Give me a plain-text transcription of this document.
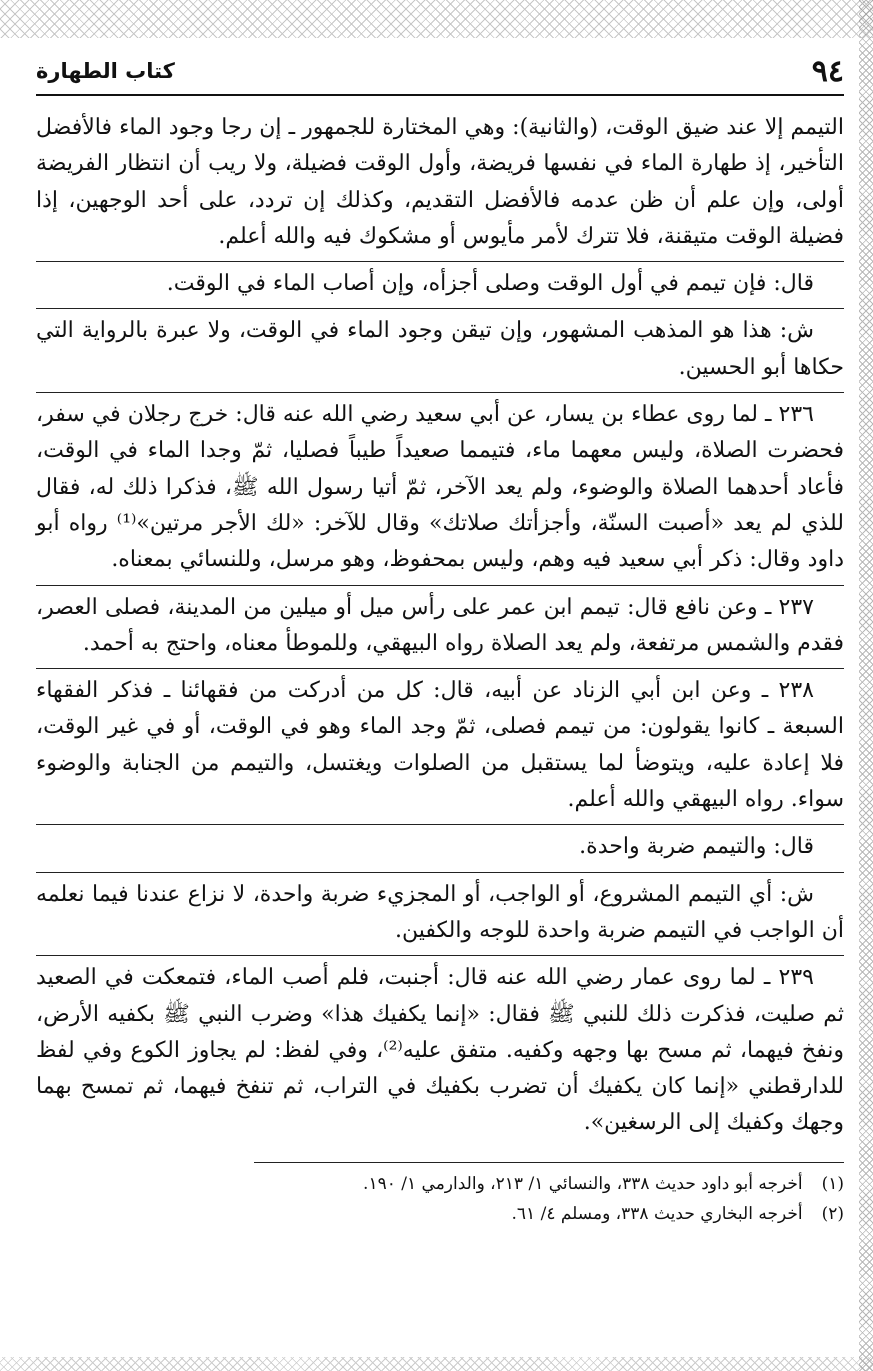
٩٤
كتاب الطهارة

التيمم إلا عند ضيق الوقت، (والثانية): وهي المختارة للجمهور ـ إن رجا وجود الماء فالأفضل التأخير، إذ طهارة الماء في نفسها فريضة، وأول الوقت فضيلة، ولا ريب أن انتظار الفريضة أولى، وإن علم أن ظن عدمه فالأفضل التقديم، وكذلك إن تردد، على أحد الوجهين، إذا فضيلة الوقت متيقنة، فلا تترك لأمر مأيوس أو مشكوك فيه والله أعلم.

قال: فإن تيمم في أول الوقت وصلى أجزأه، وإن أصاب الماء في الوقت.

ش: هذا هو المذهب المشهور، وإن تيقن وجود الماء في الوقت، ولا عبرة بالرواية التي حكاها أبو الحسين.

٢٣٦ ـ لما روى عطاء بن يسار، عن أبي سعيد رضي الله عنه قال: خرج رجلان في سفر، فحضرت الصلاة، وليس معهما ماء، فتيمما صعيداً طيباً فصليا، ثمّ وجدا الماء في الوقت، فأعاد أحدهما الصلاة والوضوء، ولم يعد الآخر، ثمّ أتيا رسول الله ﷺ، فذكرا ذلك له، فقال للذي لم يعد «أصبت السنّة، وأجزأتك صلاتك» وقال للآخر: «لك الأجر مرتين»⁽¹⁾ رواه أبو داود وقال: ذكر أبي سعيد فيه وهم، وليس بمحفوظ، وهو مرسل، وللنسائي بمعناه.

٢٣٧ ـ وعن نافع قال: تيمم ابن عمر على رأس ميل أو ميلين من المدينة، فصلى العصر، فقدم والشمس مرتفعة، ولم يعد الصلاة رواه البيهقي، وللموطأ معناه، واحتج به أحمد.

٢٣٨ ـ وعن ابن أبي الزناد عن أبيه، قال: كل من أدركت من فقهائنا ـ فذكر الفقهاء السبعة ـ كانوا يقولون: من تيمم فصلى، ثمّ وجد الماء وهو في الوقت، أو في غير الوقت، فلا إعادة عليه، ويتوضأ لما يستقبل من الصلوات ويغتسل، والتيمم من الجنابة والوضوء سواء. رواه البيهقي والله أعلم.

قال: والتيمم ضربة واحدة.

ش: أي التيمم المشروع، أو الواجب، أو المجزيء ضربة واحدة، لا نزاع عندنا فيما نعلمه أن الواجب في التيمم ضربة واحدة للوجه والكفين.

٢٣٩ ـ لما روى عمار رضي الله عنه قال: أجنبت، فلم أصب الماء، فتمعكت في الصعيد ثم صليت، فذكرت ذلك للنبي ﷺ فقال: «إنما يكفيك هذا» وضرب النبي ﷺ بكفيه الأرض، ونفخ فيهما، ثم مسح بها وجهه وكفيه. متفق عليه⁽²⁾، وفي لفظ: لم يجاوز الكوع وفي لفظ للدارقطني «إنما كان يكفيك أن تضرب بكفيك في التراب، ثم تنفخ فيهما، ثم تمسح بهما وجهك وكفيك إلى الرسغين».

(١) أخرجه أبو داود حديث ٣٣٨، والنسائي ١/ ٢١٣، والدارمي ١/ ١٩٠.
(٢) أخرجه البخاري حديث ٣٣٨، ومسلم ٤/ ٦١.
